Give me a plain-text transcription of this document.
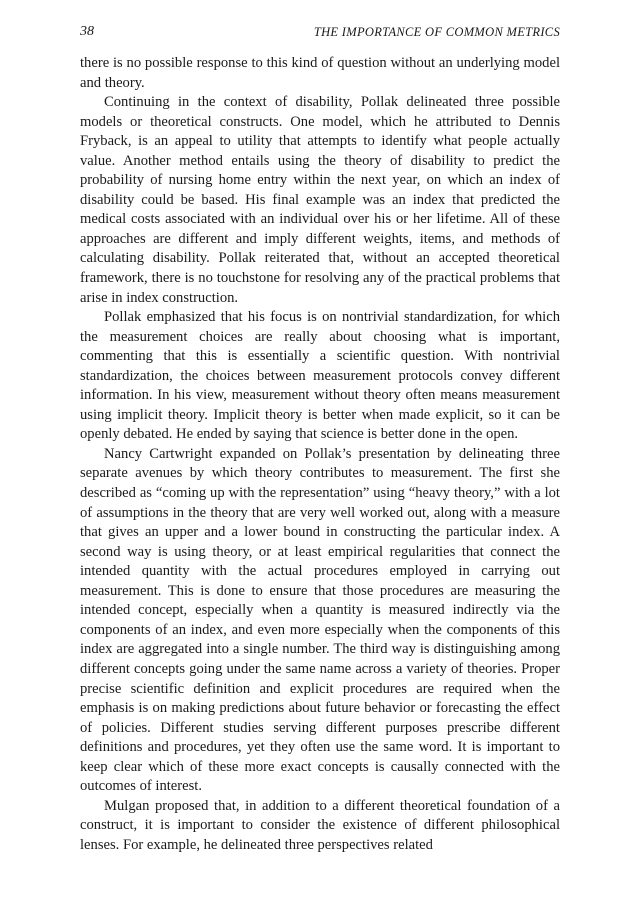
38	THE IMPORTANCE OF COMMON METRICS

there is no possible response to this kind of question without an underlying model and theory.

Continuing in the context of disability, Pollak delineated three possible models or theoretical constructs. One model, which he attributed to Dennis Fryback, is an appeal to utility that attempts to identify what people actually value. Another method entails using the theory of disability to predict the probability of nursing home entry within the next year, on which an index of disability could be based. His final example was an index that predicted the medical costs associated with an individual over his or her lifetime. All of these approaches are different and imply different weights, items, and methods of calculating disability. Pollak reiterated that, without an accepted theoretical framework, there is no touchstone for resolving any of the practical problems that arise in index construction.

Pollak emphasized that his focus is on nontrivial standardization, for which the measurement choices are really about choosing what is important, commenting that this is essentially a scientific question. With nontrivial standardization, the choices between measurement protocols convey different information. In his view, measurement without theory often means measurement using implicit theory. Implicit theory is better when made explicit, so it can be openly debated. He ended by saying that science is better done in the open.

Nancy Cartwright expanded on Pollak’s presentation by delineating three separate avenues by which theory contributes to measurement. The first she described as “coming up with the representation” using “heavy theory,” with a lot of assumptions in the theory that are very well worked out, along with a measure that gives an upper and a lower bound in constructing the particular index. A second way is using theory, or at least empirical regularities that connect the intended quantity with the actual procedures employed in carrying out measurement. This is done to ensure that those procedures are measuring the intended concept, especially when a quantity is measured indirectly via the components of an index, and even more especially when the components of this index are aggregated into a single number. The third way is distinguishing among different concepts going under the same name across a variety of theories. Proper precise scientific definition and explicit procedures are required when the emphasis is on making predictions about future behavior or forecasting the effect of policies. Different studies serving different purposes prescribe different definitions and procedures, yet they often use the same word. It is important to keep clear which of these more exact concepts is causally connected with the outcomes of interest.

Mulgan proposed that, in addition to a different theoretical foundation of a construct, it is important to consider the existence of different philosophical lenses. For example, he delineated three perspectives related
